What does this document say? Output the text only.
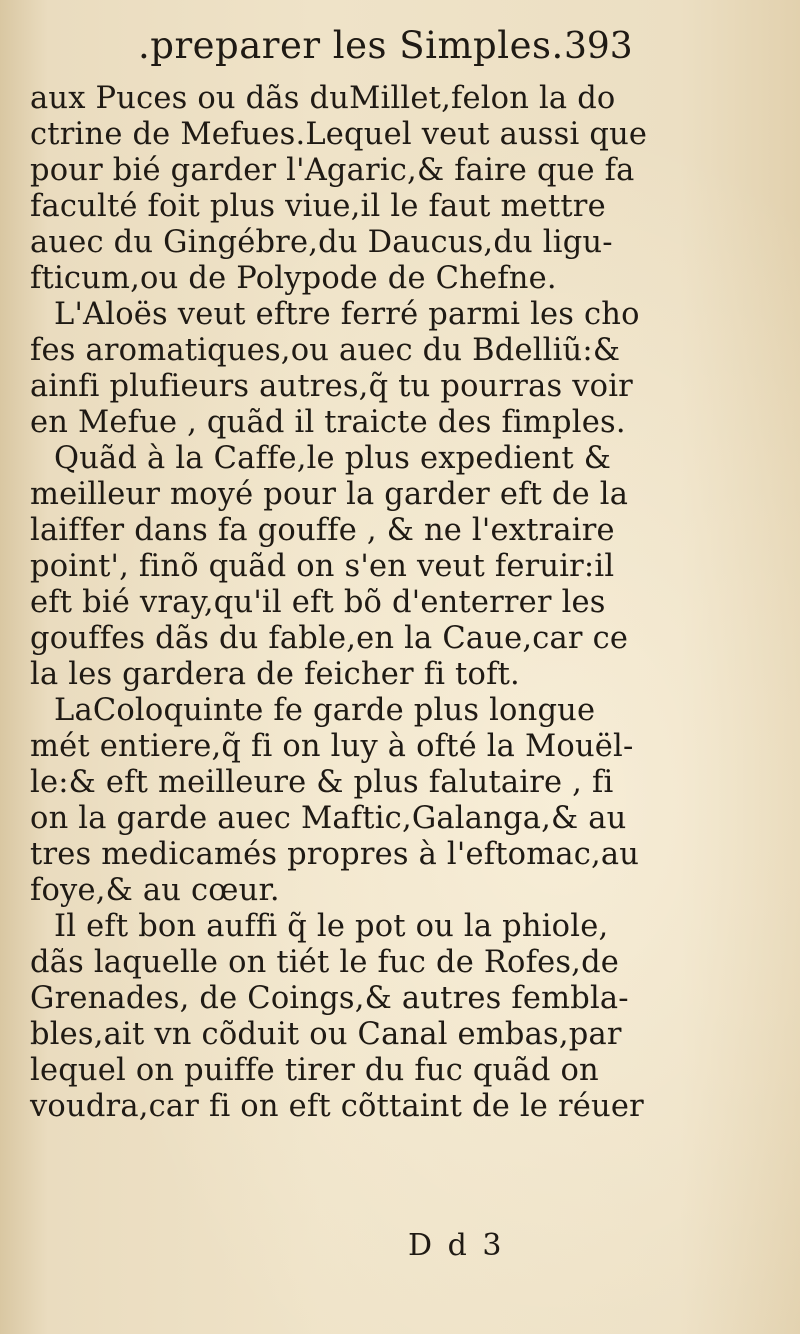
.preparer les Simples. 393
aux Puces ou dãs duMillet,felon la do
ctrine de Mefues.Lequel veut aussi que
pour bié garder l'Agaric,& faire que fa
faculté foit plus viue,il le faut mettre
auec du Gingébre,du Daucus,du ligu-
fticum,ou de Polypode de Chefne.
L'Aloës veut eftre ferré parmi les cho
fes aromatiques,ou auec du Bdelliũ:&
ainfi plufieurs autres,q̃ tu pourras voir
en Mefue , quãd il traicte des fimples.
Quãd à la Caffe,le plus expedient &
meilleur moyé pour la garder eft de la
laiffer dans fa gouffe , & ne l'extraire
point', finõ quãd on s'en veut feruir:il
eft bié vray,qu'il eft bõ d'enterrer les
gouffes dãs du fable,en la Caue,car ce
la les gardera de feicher fi toft.
LaColoquinte fe garde plus longue
mét entiere,q̃ fi on luy à ofté la Mouël-
le:& eft meilleure & plus falutaire , fi
on la garde auec Maftic,Galanga,& au
tres medicamés propres à l'eftomac,au
foye,& au cœur.
Il eft bon auffi q̃ le pot ou la phiole,
dãs laquelle on tiét le fuc de Rofes,de
Grenades, de Coings,& autres fembla-
bles,ait vn cõduit ou Canal embas,par
lequel on puiffe tirer du fuc quãd on
voudra,car fi on eft cõttaint de le réuer
D d 3
